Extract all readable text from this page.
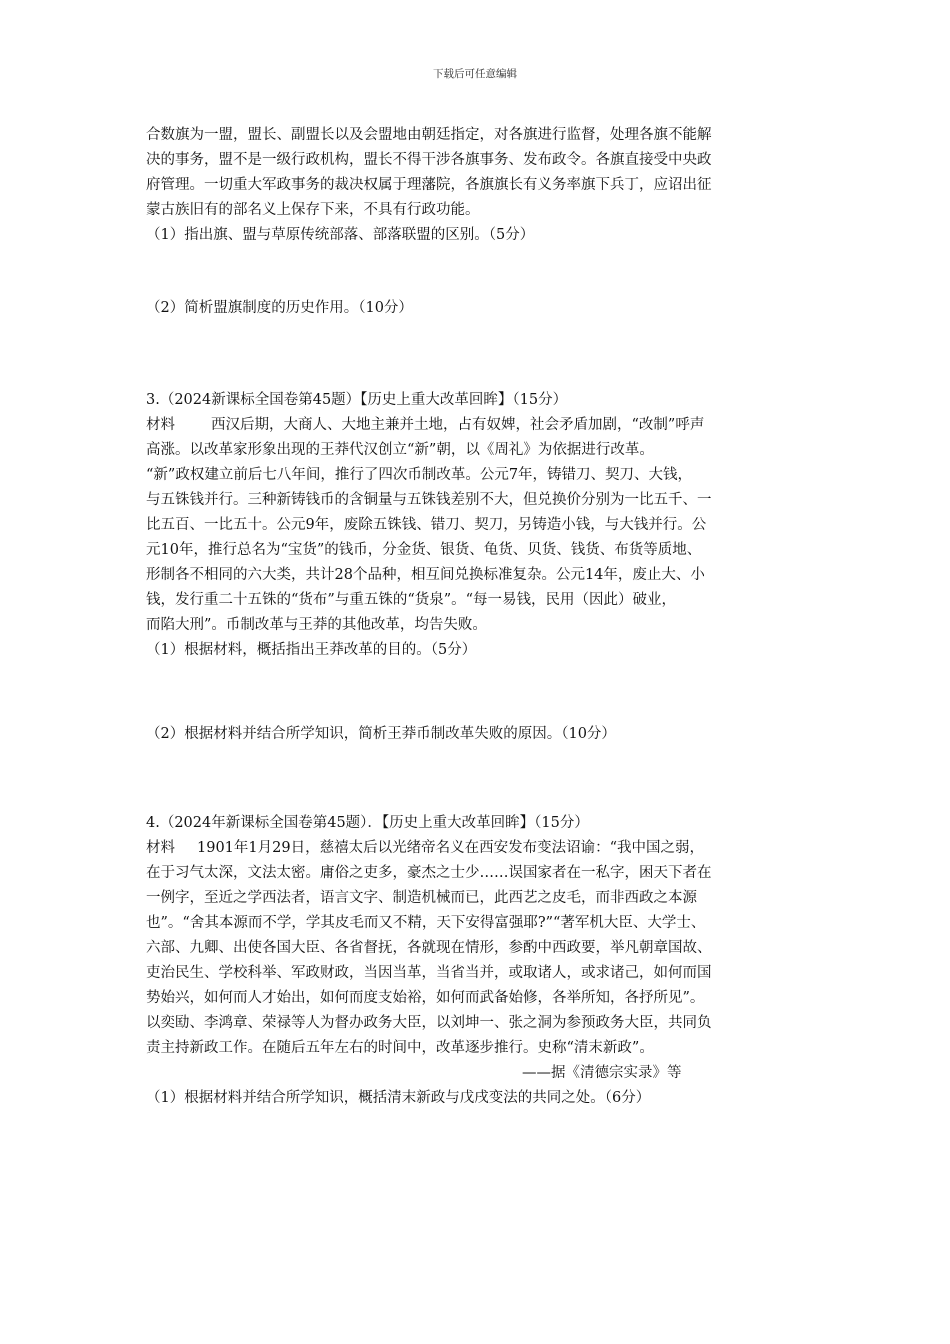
下载后可任意编辑
合数旗为一盟，盟长、副盟长以及会盟地由朝廷指定，对各旗进行监督，处理各旗不能解
决的事务，盟不是一级行政机构，盟长不得干涉各旗事务、发布政令。各旗直接受中央政
府管理。一切重大军政事务的裁决权属于理藩院，各旗旗长有义务率旗下兵丁，应诏出征
蒙古族旧有的部名义上保存下来，不具有行政功能。
（1）指出旗、盟与草原传统部落、部落联盟的区别。（5分）
（2）简析盟旗制度的历史作用。（10分）
3.（2024新课标全国卷第45题）【历史上重大改革回眸】（15分）
材料 西汉后期，大商人、大地主兼并土地，占有奴婢，社会矛盾加剧，“改制”呼声
高涨。以改革家形象出现的王莽代汉创立“新”朝，以《周礼》为依据进行改革。
“新”政权建立前后七八年间，推行了四次币制改革。公元7年，铸错刀、契刀、大钱，
与五铢钱并行。三种新铸钱币的含铜量与五铢钱差别不大，但兑换价分别为一比五千、一
比五百、一比五十。公元9年，废除五铢钱、错刀、契刀，另铸造小钱，与大钱并行。公
元10年，推行总名为“宝货”的钱币，分金货、银货、龟货、贝货、钱货、布货等质地、
形制各不相同的六大类，共计28个品种，相互间兑换标准复杂。公元14年，废止大、小
钱，发行重二十五铢的“货布”与重五铢的“货泉”。“每一易钱，民用（因此）破业，
而陷大刑”。币制改革与王莽的其他改革，均告失败。
（1）根据材料，概括指出王莽改革的目的。（5分）
（2）根据材料并结合所学知识，简析王莽币制改革失败的原因。（10分）
4.（2024年新课标全国卷第45题）．【历史上重大改革回眸】（15分）
材料 1901年1月29日，慈禧太后以光绪帝名义在西安发布变法诏谕：“我中国之弱，
在于习气太深，文法太密。庸俗之吏多，豪杰之士少……误国家者在一私字，困天下者在
一例字，至近之学西法者，语言文字、制造机械而已，此西艺之皮毛，而非西政之本源
也”。“舍其本源而不学，学其皮毛而又不精，天下安得富强耶?”“著军机大臣、大学士、
六部、九卿、出使各国大臣、各省督抚，各就现在情形，参酌中西政要，举凡朝章国故、
吏治民生、学校科举、军政财政，当因当革，当省当并，或取诸人，或求诸己，如何而国
势始兴，如何而人才始出，如何而度支始裕，如何而武备始修，各举所知，各抒所见”。
以奕劻、李鸿章、荣禄等人为督办政务大臣，以刘坤一、张之洞为参预政务大臣，共同负
责主持新政工作。在随后五年左右的时间中，改革逐步推行。史称“清末新政”。
——据《清德宗实录》等
（1）根据材料并结合所学知识，概括清末新政与戊戌变法的共同之处。（6分）
